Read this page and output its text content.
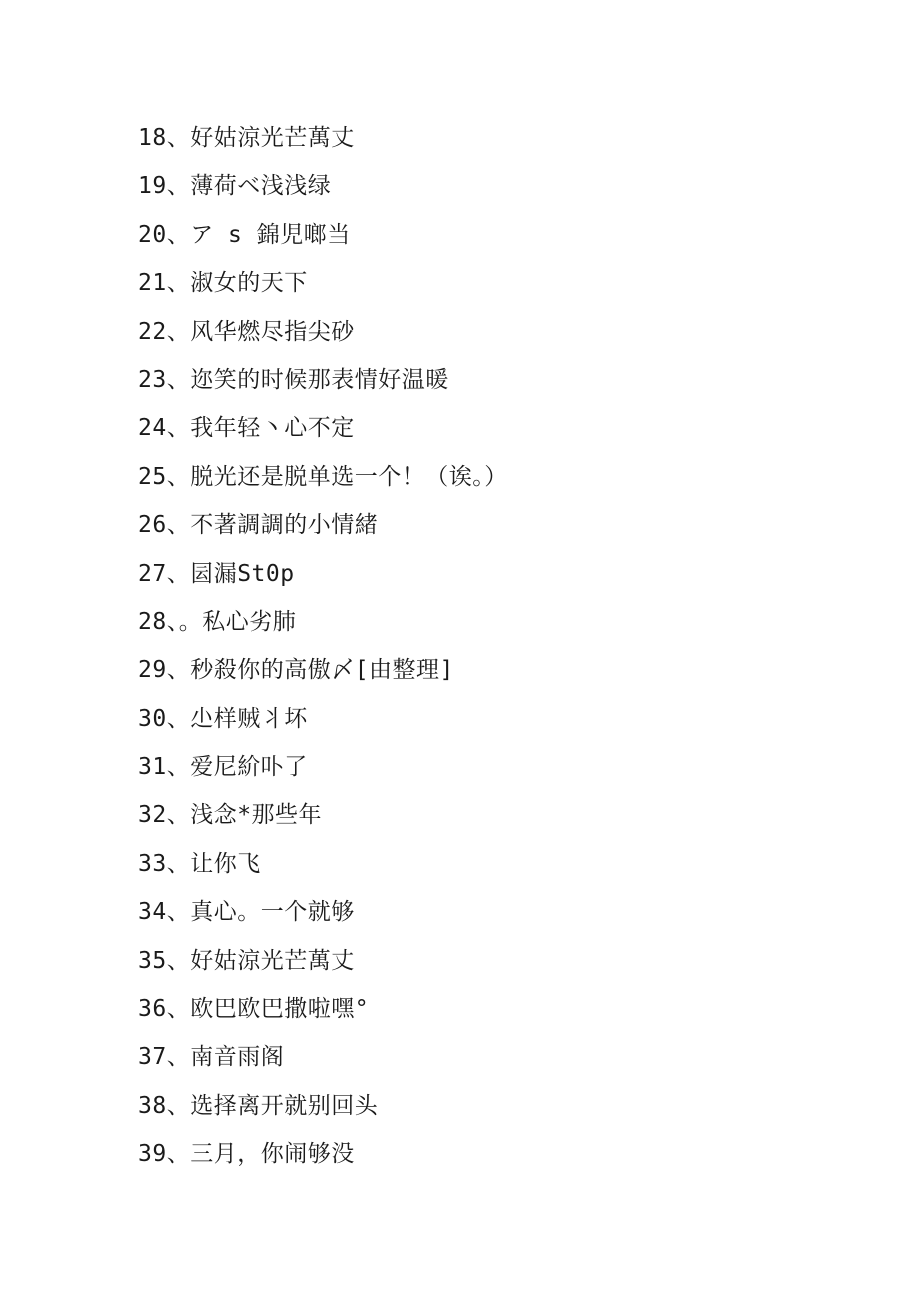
18、好姑涼光芒萬丈
19、薄荷ベ浅浅绿
20、ア s 錦児啷当
21、淑女的天下
22、风华燃尽指尖砂
23、迩笑的时候那表情好温暖
24、我年轻丶心不定
25、脱光还是脱单选一个！（诶。）
26、不著調調的小情緒
27、囩漏St0p
28、。私心劣肺
29、秒殺你的高傲〆[由整理]
30、尐样贼⺦坏
31、爱尼紒卟了
32、浅念*那些年
33、让你飞
34、真心。一个就够
35、好姑涼光芒萬丈
36、欧巴欧巴撒啦嘿°
37、南音雨阁
38、选择离开就别回头
39、三月，你闹够没
